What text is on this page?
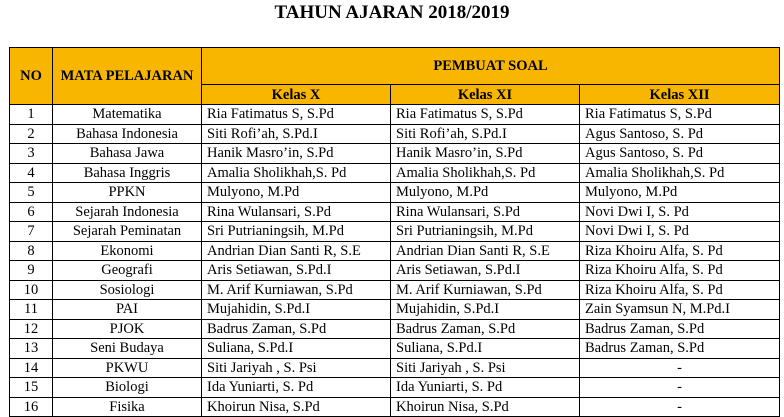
TAHUN AJARAN 2018/2019
NO	MATA PELAJARAN	PEMBUAT SOAL		
		Kelas X	Kelas XI	Kelas XII
1	Matematika	Ria Fatimatus S, S.Pd	Ria Fatimatus S, S.Pd	Ria Fatimatus S, S.Pd
2	Bahasa Indonesia	Siti Rofi’ah, S.Pd.I	Siti Rofi’ah, S.Pd.I	Agus Santoso, S. Pd
3	Bahasa Jawa	Hanik Masro’in, S.Pd	Hanik Masro’in, S.Pd	Agus Santoso, S. Pd
4	Bahasa Inggris	Amalia Sholikhah,S. Pd	Amalia Sholikhah,S. Pd	Amalia Sholikhah,S. Pd
5	PPKN	Mulyono, M.Pd	Mulyono, M.Pd	Mulyono, M.Pd
6	Sejarah Indonesia	Rina Wulansari, S.Pd	Rina Wulansari, S.Pd	Novi Dwi I, S. Pd
7	Sejarah Peminatan	Sri Putrianingsih, M.Pd	Sri Putrianingsih, M.Pd	Novi Dwi I, S. Pd
8	Ekonomi	Andrian Dian Santi R, S.E	Andrian Dian Santi R, S.E	Riza Khoiru Alfa, S. Pd
9	Geografi	Aris Setiawan, S.Pd.I	Aris Setiawan, S.Pd.I	Riza Khoiru Alfa, S. Pd
10	Sosiologi	M. Arif Kurniawan, S.Pd	M. Arif Kurniawan, S.Pd	Riza Khoiru Alfa, S. Pd
11	PAI	Mujahidin, S.Pd.I	Mujahidin, S.Pd.I	Zain Syamsun N, M.Pd.I
12	PJOK	Badrus Zaman, S.Pd	Badrus Zaman, S.Pd	Badrus Zaman, S.Pd
13	Seni Budaya	Suliana, S.Pd.I	Suliana, S.Pd.I	Badrus Zaman, S.Pd
14	PKWU	Siti Jariyah , S. Psi	Siti Jariyah , S. Psi	-
15	Biologi	Ida Yuniarti, S. Pd	Ida Yuniarti, S. Pd	-
16	Fisika	Khoirun Nisa, S.Pd	Khoirun Nisa, S.Pd	-
